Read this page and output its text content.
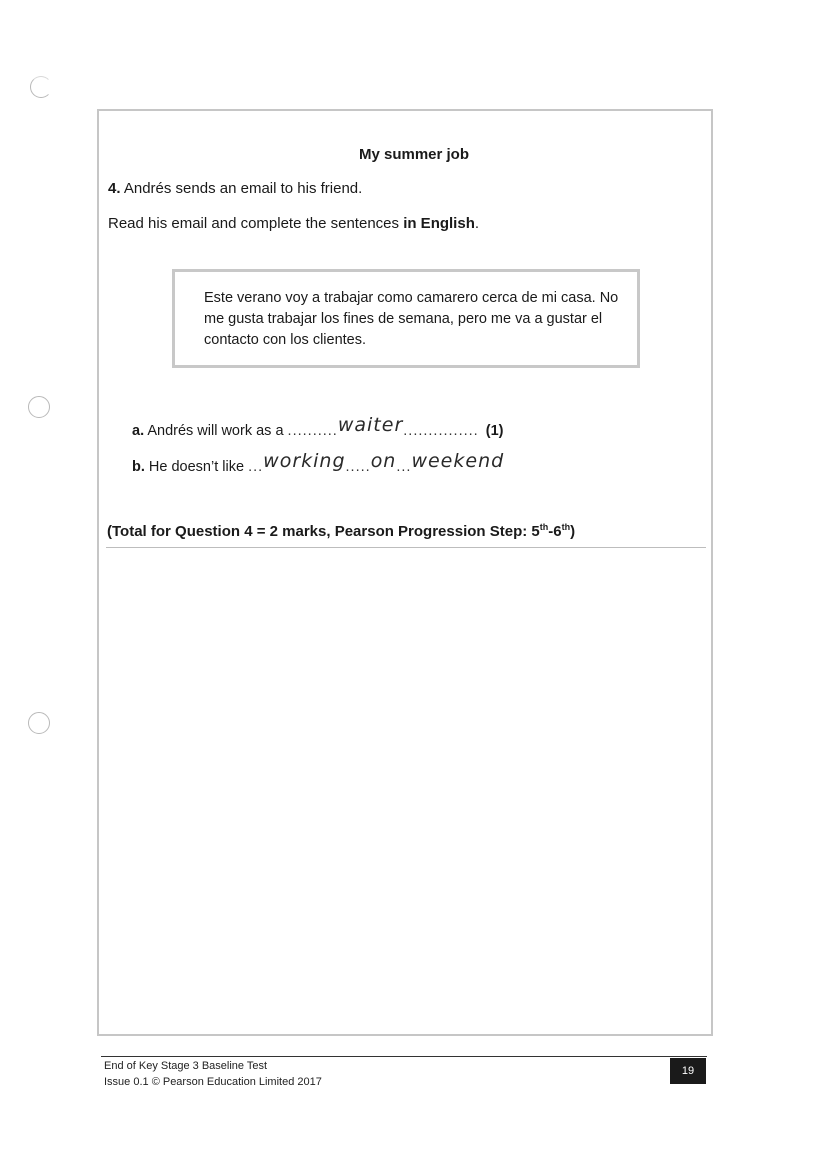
My summer job
4. Andrés sends an email to his friend.
Read his email and complete the sentences in English.
Este verano voy a trabajar como camarero cerca de mi casa. No me gusta trabajar los fines de semana, pero me va a gustar el contacto con los clientes.
a. Andrés will work as a ..........waiter............... (1)
b. He doesn’t like ...working.....on...weekend
(Total for Question 4 = 2 marks, Pearson Progression Step: 5th-6th)
End of Key Stage 3 Baseline Test
Issue 0.1 © Pearson Education Limited 2017
19
